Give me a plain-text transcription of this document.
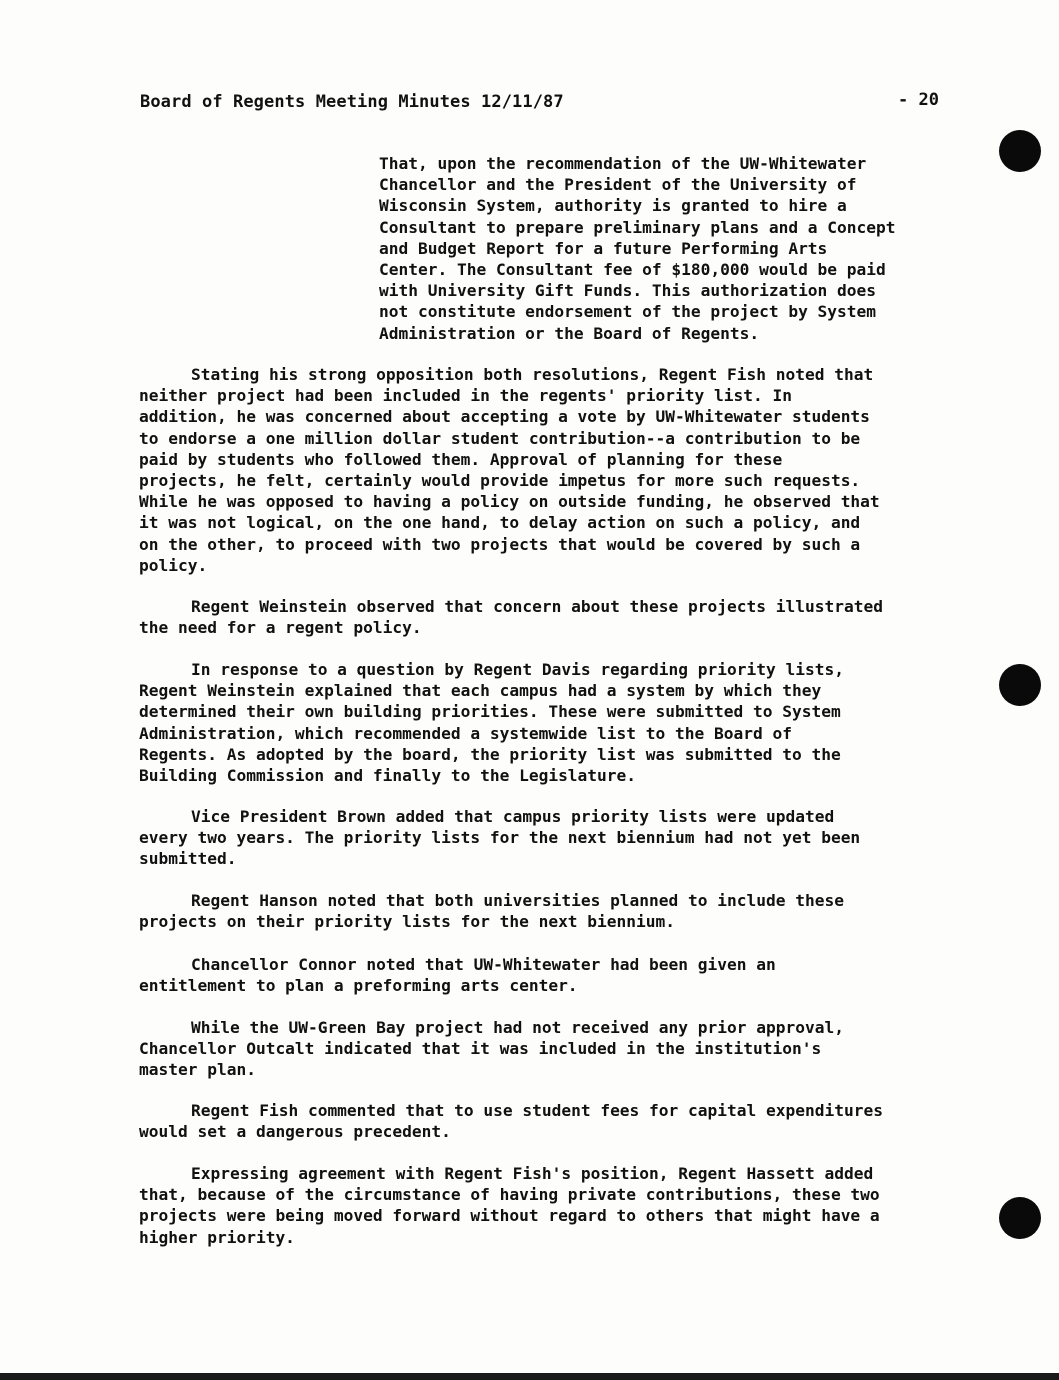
Board of Regents Meeting Minutes 12/11/87	- 20
That, upon the recommendation of the UW-Whitewater
Chancellor and the President of the University of
Wisconsin System, authority is granted to hire a
Consultant to prepare preliminary plans and a Concept
and Budget Report for a future Performing Arts
Center. The Consultant fee of $180,000 would be paid
with University Gift Funds. This authorization does
not constitute endorsement of the project by System
Administration or the Board of Regents.
Stating his strong opposition both resolutions, Regent Fish noted that
neither project had been included in the regents' priority list. In
addition, he was concerned about accepting a vote by UW-Whitewater students
to endorse a one million dollar student contribution--a contribution to be
paid by students who followed them. Approval of planning for these
projects, he felt, certainly would provide impetus for more such requests.
While he was opposed to having a policy on outside funding, he observed that
it was not logical, on the one hand, to delay action on such a policy, and
on the other, to proceed with two projects that would be covered by such a
policy.
Regent Weinstein observed that concern about these projects illustrated
the need for a regent policy.
In response to a question by Regent Davis regarding priority lists,
Regent Weinstein explained that each campus had a system by which they
determined their own building priorities. These were submitted to System
Administration, which recommended a systemwide list to the Board of
Regents. As adopted by the board, the priority list was submitted to the
Building Commission and finally to the Legislature.
Vice President Brown added that campus priority lists were updated
every two years. The priority lists for the next biennium had not yet been
submitted.
Regent Hanson noted that both universities planned to include these
projects on their priority lists for the next biennium.
Chancellor Connor noted that UW-Whitewater had been given an
entitlement to plan a preforming arts center.
While the UW-Green Bay project had not received any prior approval,
Chancellor Outcalt indicated that it was included in the institution's
master plan.
Regent Fish commented that to use student fees for capital expenditures
would set a dangerous precedent.
Expressing agreement with Regent Fish's position, Regent Hassett added
that, because of the circumstance of having private contributions, these two
projects were being moved forward without regard to others that might have a
higher priority.
